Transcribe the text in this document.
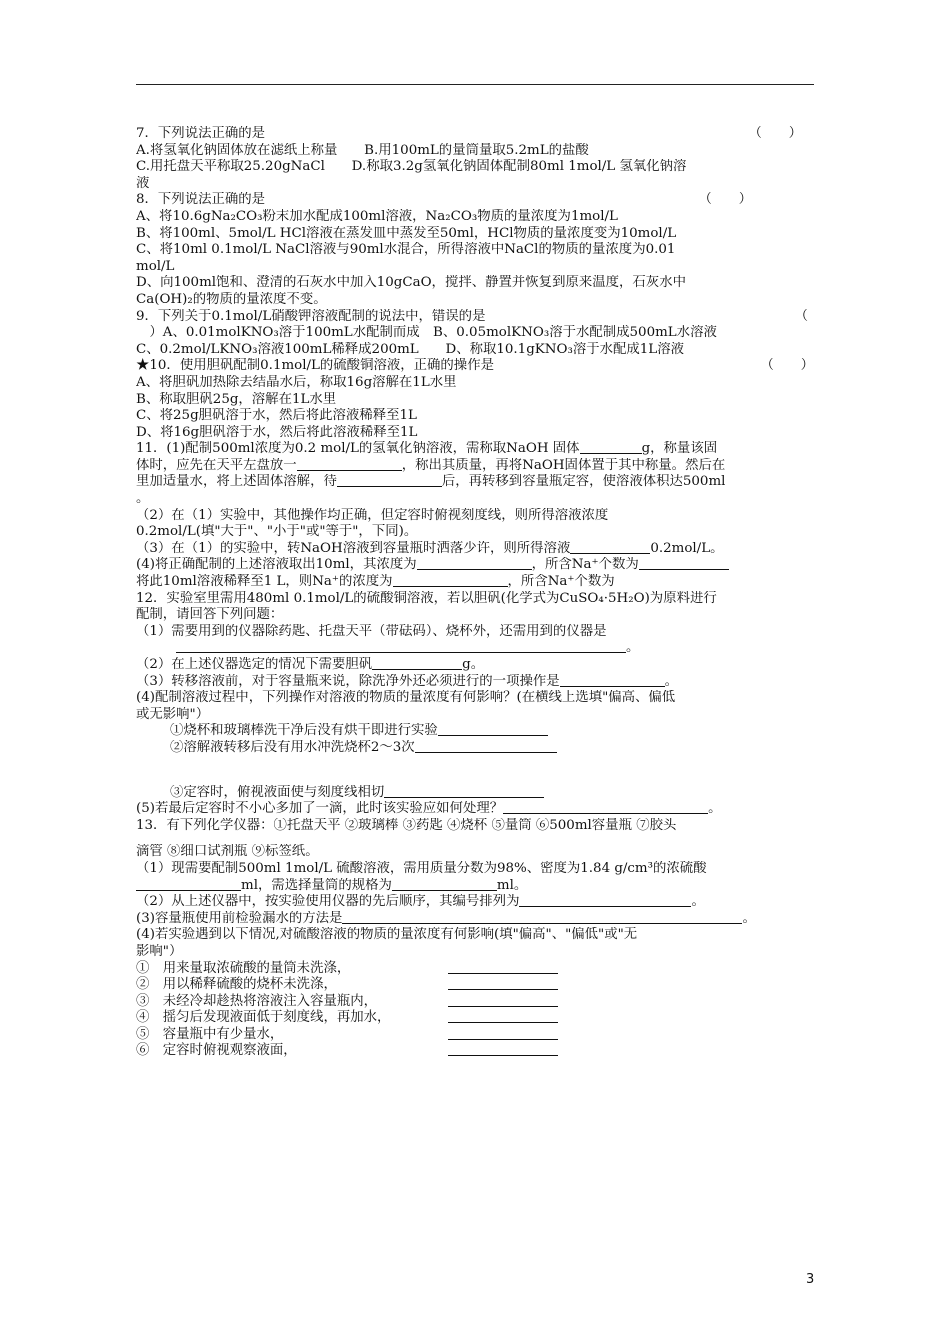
7．下列说法正确的是	（　　）
A.将氢氧化钠固体放在滤纸上称量　　B.用100mL的量筒量取5.2mL的盐酸
C.用托盘天平称取25.20gNaCl　　D.称取3.2g氢氧化钠固体配制80ml 1mol/L 氢氧化钠溶
液
8．下列说法正确的是	（　　）
A、将10.6gNa₂CO₃粉末加水配成100ml溶液，Na₂CO₃物质的量浓度为1mol/L
B、将100ml、5mol/L HCl溶液在蒸发皿中蒸发至50ml，HCl物质的量浓度变为10mol/L
C、将10ml 0.1mol/L NaCl溶液与90ml水混合，所得溶液中NaCl的物质的量浓度为0.01
mol/L
D、向100ml饱和、澄清的石灰水中加入10gCaO，搅拌、静置并恢复到原来温度，石灰水中
Ca(OH)₂的物质的量浓度不变。
9．下列关于0.1mol/L硝酸钾溶液配制的说法中，错误的是	（
　）A、0.01molKNO₃溶于100mL水配制而成　B、0.05molKNO₃溶于水配制成500mL水溶液
C、0.2mol/LKNO₃溶液100mL稀释成200mL　　D、称取10.1gKNO₃溶于水配成1L溶液
★10．使用胆矾配制0.1mol/L的硫酸铜溶液，正确的操作是	（　　）
A、将胆矾加热除去结晶水后，称取16g溶解在1L水里
B、称取胆矾25g，溶解在1L水里
C、将25g胆矾溶于水，然后将此溶液稀释至1L
D、将16g胆矾溶于水，然后将此溶液稀释至1L
11．(1)配制500ml浓度为0.2 mol/L的氢氧化钠溶液，需称取NaOH 固体	g，称量该固
体时，应先在天平左盘放一	，称出其质量，再将NaOH固体置于其中称量。然后在
里加适量水，将上述固体溶解，待	后，再转移到容量瓶定容，使溶液体积达500ml
。
（2）在（1）实验中，其他操作均正确，但定容时俯视刻度线，则所得溶液浓度
0.2mol/L(填"大于"、"小于"或"等于"，下同)。
（3）在（1）的实验中，转NaOH溶液到容量瓶时洒落少许，则所得溶液	0.2mol/L。
(4)将正确配制的上述溶液取出10ml，其浓度为	，所含Na⁺个数为
将此10ml溶液稀释至1 L，则Na⁺的浓度为	，所含Na⁺个数为
12．实验室里需用480ml 0.1mol/L的硫酸铜溶液，若以胆矾(化学式为CuSO₄·5H₂O)为原料进行
配制，请回答下列问题：
（1）需要用到的仪器除药匙、托盘天平（带砝码）、烧杯外，还需用到的仪器是
。
（2）在上述仪器选定的情况下需要胆矾	g。
（3）转移溶液前，对于容量瓶来说，除洗净外还必须进行的一项操作是	。
(4)配制溶液过程中，下列操作对溶液的物质的量浓度有何影响？(在横线上选填"偏高、偏低
或无影响"）
①烧杯和玻璃棒洗干净后没有烘干即进行实验
②溶解液转移后没有用水冲洗烧杯2～3次
③定容时，俯视液面使与刻度线相切
(5)若最后定容时不小心多加了一滴，此时该实验应如何处理？	。
13．有下列化学仪器：①托盘天平 ②玻璃棒 ③药匙 ④烧杯 ⑤量筒 ⑥500ml容量瓶 ⑦胶头
滴管 ⑧细口试剂瓶 ⑨标签纸。
（1）现需要配制500ml 1mol/L 硫酸溶液，需用质量分数为98%、密度为1.84 g/cm³的浓硫酸
ml，需选择量筒的规格为	ml。
（2）从上述仪器中，按实验使用仪器的先后顺序，其编号排列为	。
(3)容量瓶使用前检验漏水的方法是	。
(4)若实验遇到以下情况,对硫酸溶液的物质的量浓度有何影响(填"偏高"、"偏低"或"无
影响"）
①　用来量取浓硫酸的量筒未洗涤，
②　用以稀释硫酸的烧杯未洗涤，
③　未经冷却趁热将溶液注入容量瓶内，
④　摇匀后发现液面低于刻度线，再加水，
⑤　容量瓶中有少量水，
⑥　定容时俯视观察液面，
3
